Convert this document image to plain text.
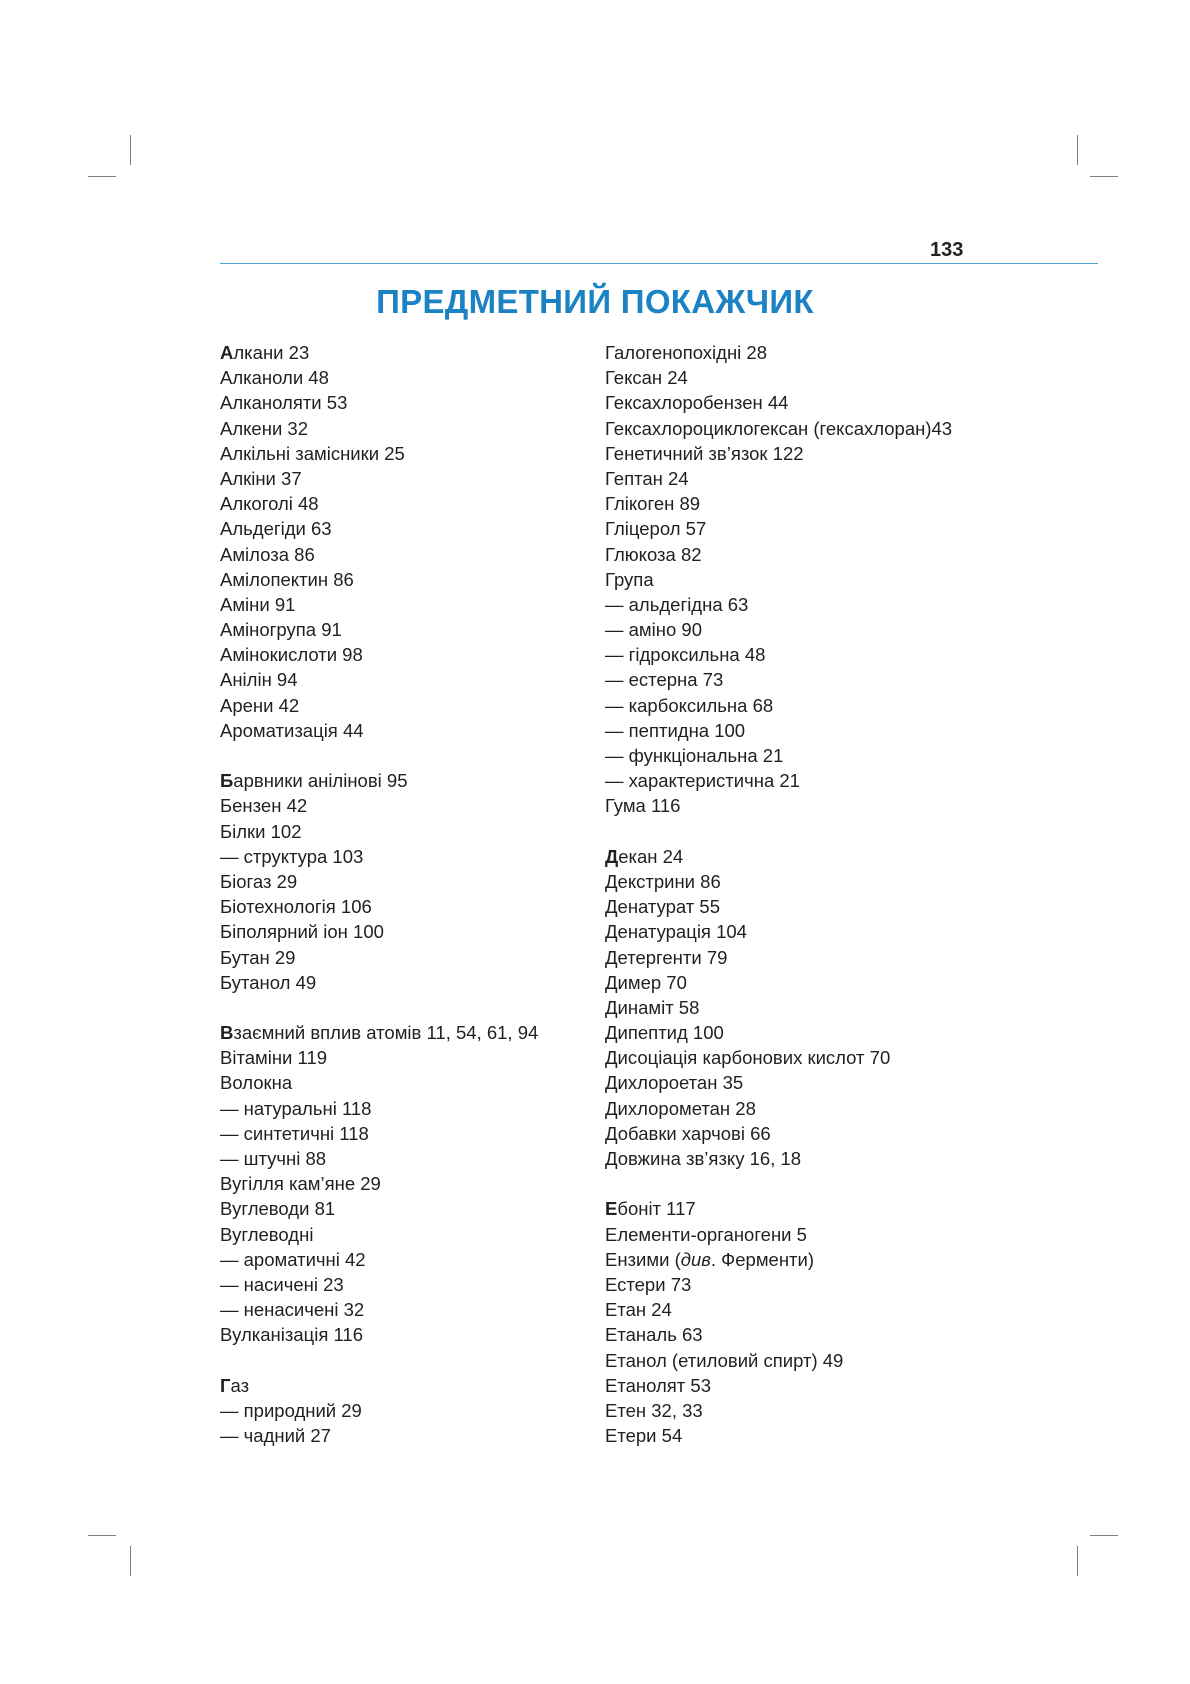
133
ПРЕДМЕТНИЙ ПОКАЖЧИК
Алкани 23
Алканоли 48
Алканоляти 53
Алкени 32
Алкільні замісники 25
Алкіни 37
Алкоголі 48
Альдегіди 63
Амілоза 86
Амілопектин 86
Аміни 91
Аміногрупа 91
Амінокислоти 98
Анілін 94
Арени 42
Ароматизація 44
Барвники анілінові 95
Бензен 42
Білки 102
— структура 103
Біогаз 29
Біотехнологія 106
Біполярний іон 100
Бутан 29
Бутанол 49
Взаємний вплив атомів 11, 54, 61, 94
Вітаміни 119
Волокна
— натуральні 118
— синтетичні 118
— штучні 88
Вугілля кам’яне 29
Вуглеводи 81
Вуглеводні
— ароматичні 42
— насичені 23
— ненасичені 32
Вулканізація 116
Газ
— природний 29
— чадний 27
Галогенопохідні 28
Гексан 24
Гексахлоробензен 44
Гексахлороциклогексан (гексахлоран)43
Генетичний зв’язок 122
Гептан 24
Глікоген 89
Гліцерол 57
Глюкоза 82
Група
— альдегідна 63
— аміно 90
— гідроксильна 48
— естерна 73
— карбоксильна 68
— пептидна 100
— функціональна 21
— характеристична 21
Гума 116
Декан 24
Декстрини 86
Денатурат 55
Денатурація 104
Детергенти 79
Димер 70
Динаміт 58
Дипептид 100
Дисоціація карбонових кислот 70
Дихлороетан 35
Дихлорометан 28
Добавки харчові 66
Довжина зв’язку 16, 18
Ебоніт 117
Елементи-органогени 5
Ензими (див. Ферменти)
Естери 73
Етан 24
Етаналь 63
Етанол (етиловий спирт) 49
Етанолят 53
Етен 32, 33
Етери 54
